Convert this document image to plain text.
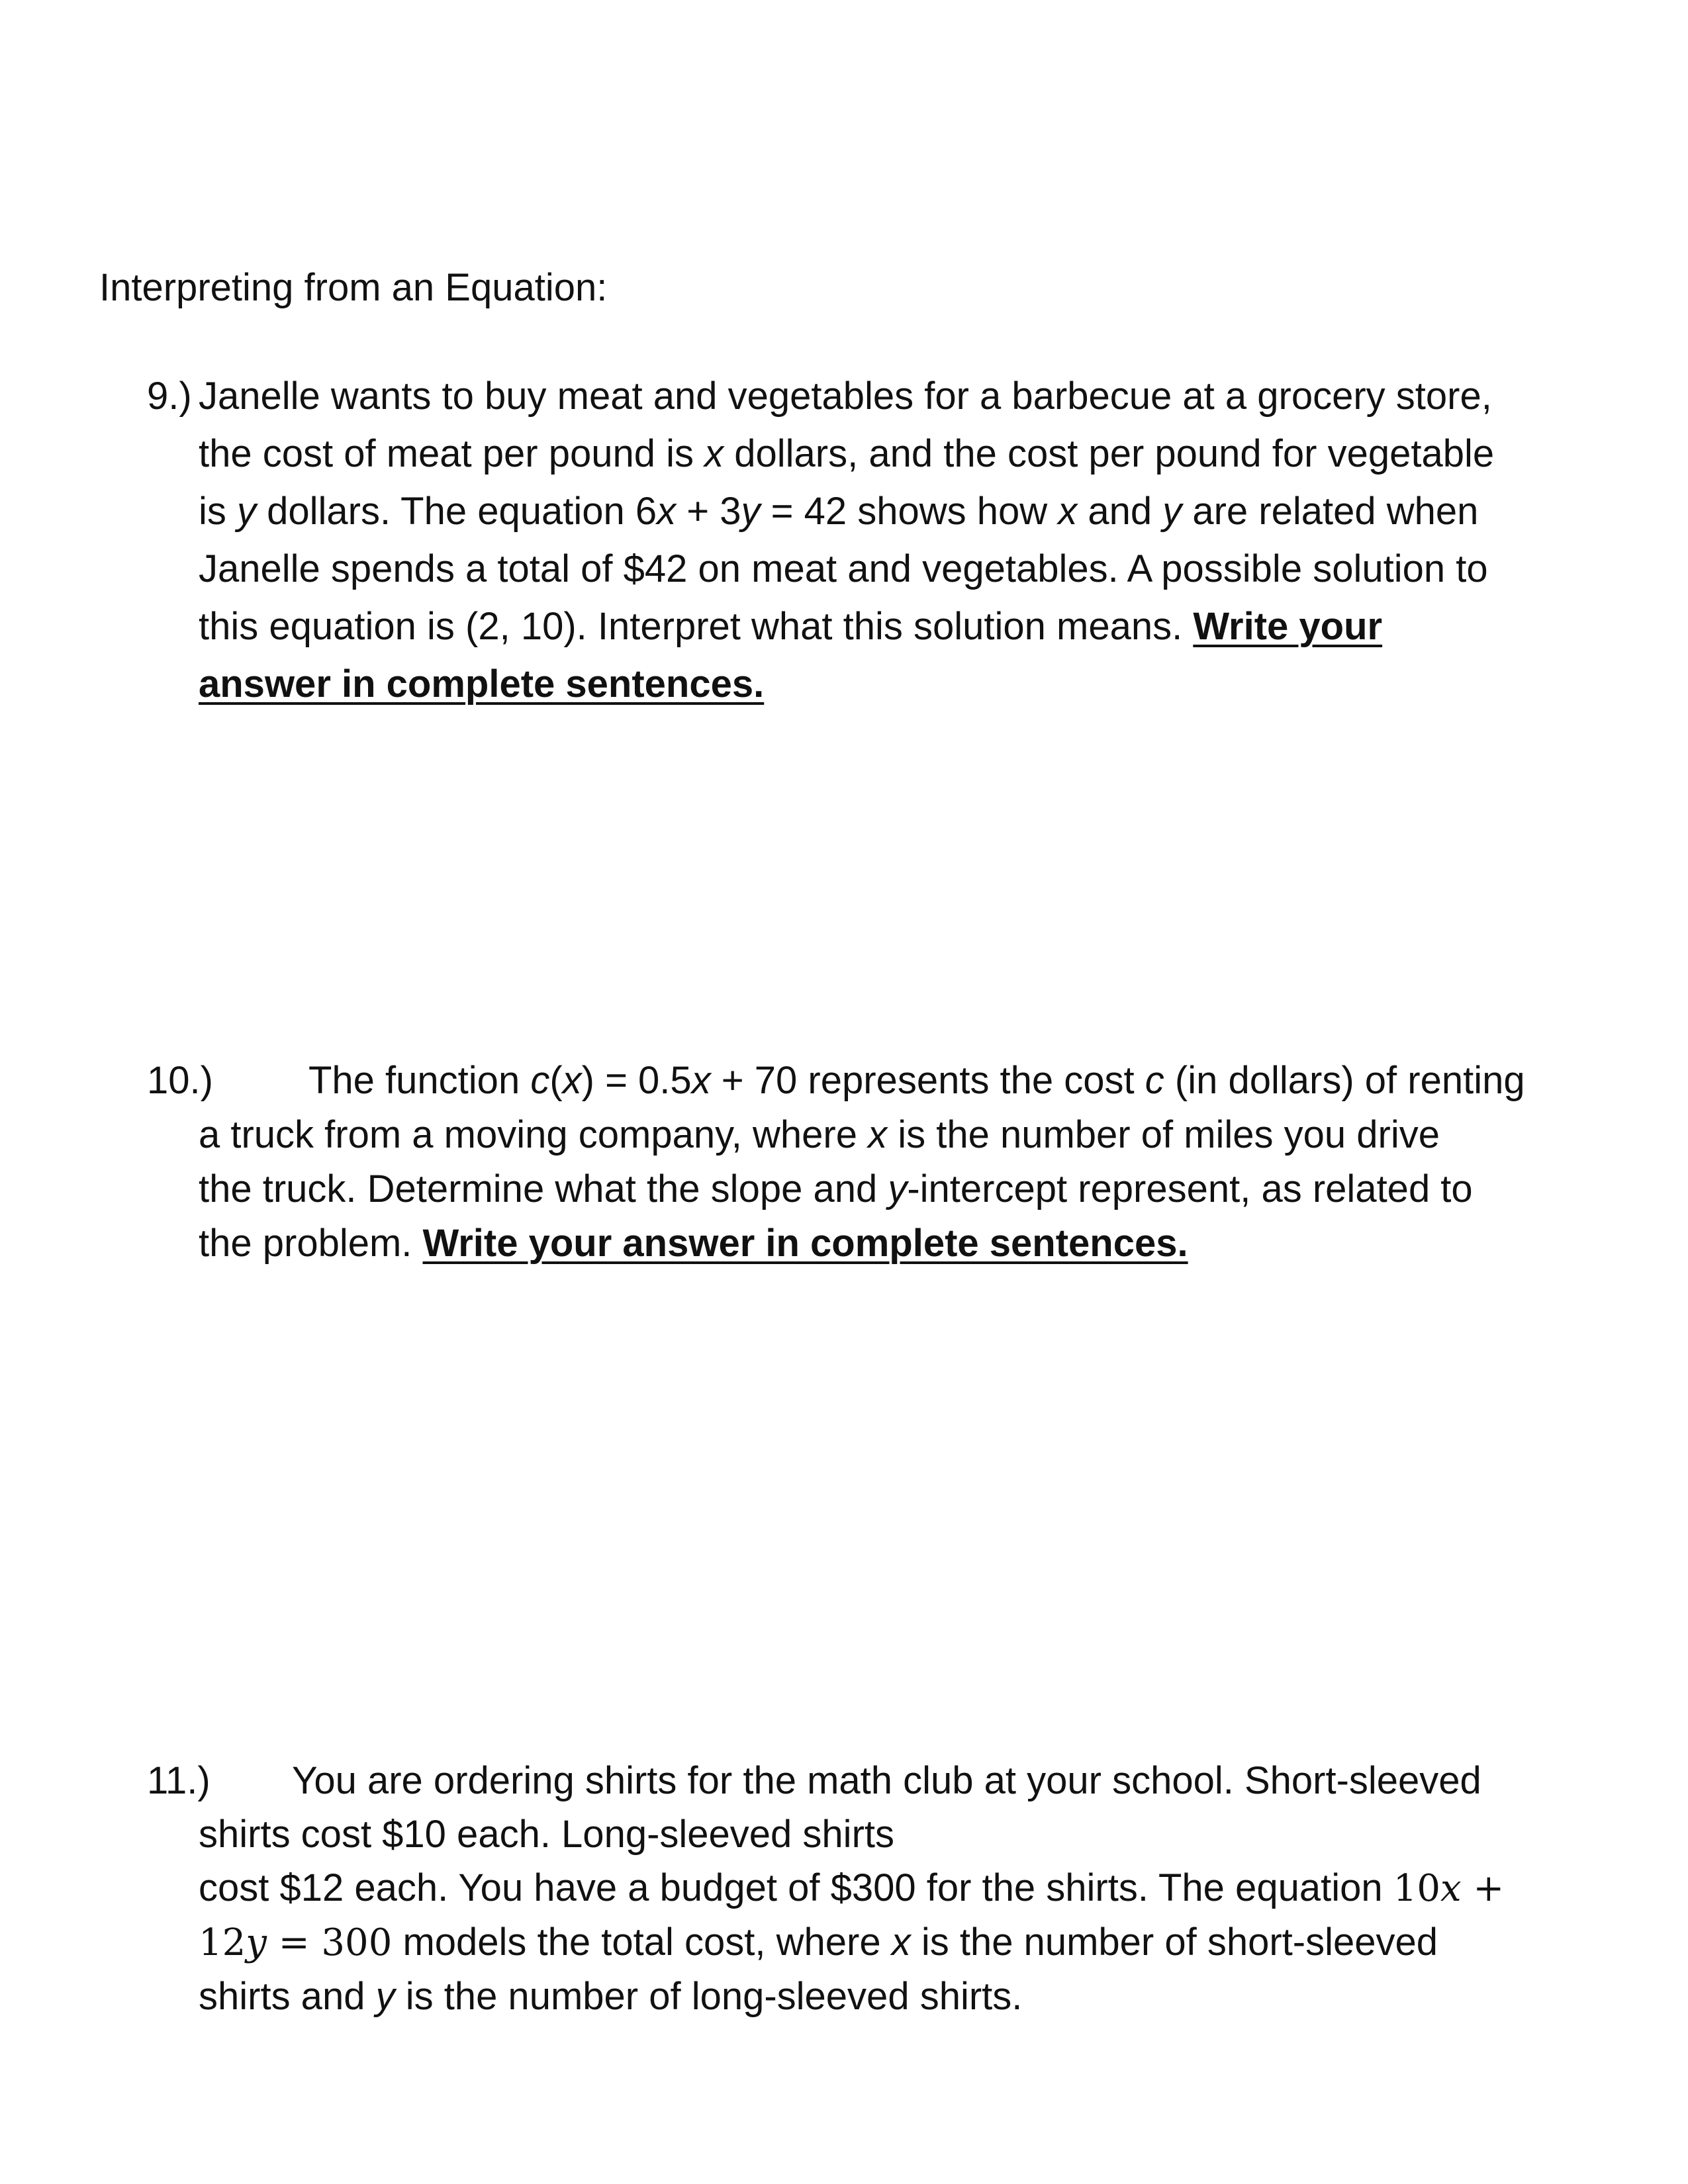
Interpreting from an Equation:
9.) Janelle wants to buy meat and vegetables for a barbecue at a grocery store,
the cost of meat per pound is x dollars, and the cost per pound for vegetable
is y dollars. The equation 6x + 3y = 42 shows how x and y are related when
Janelle spends a total of $42 on meat and vegetables. A possible solution to
this equation is (2, 10). Interpret what this solution means. Write your
answer in complete sentences.
10.)	The function c(x) = 0.5x + 70 represents the cost c (in dollars) of renting
a truck from a moving company, where x is the number of miles you drive
the truck. Determine what the slope and y-intercept represent, as related to
the problem. Write your answer in complete sentences.
11.)	You are ordering shirts for the math club at your school. Short-sleeved
shirts cost $10 each. Long-sleeved shirts
cost $12 each. You have a budget of $300 for the shirts. The equation 10x +
12y = 300 models the total cost, where x is the number of short-sleeved
shirts and y is the number of long-sleeved shirts.
